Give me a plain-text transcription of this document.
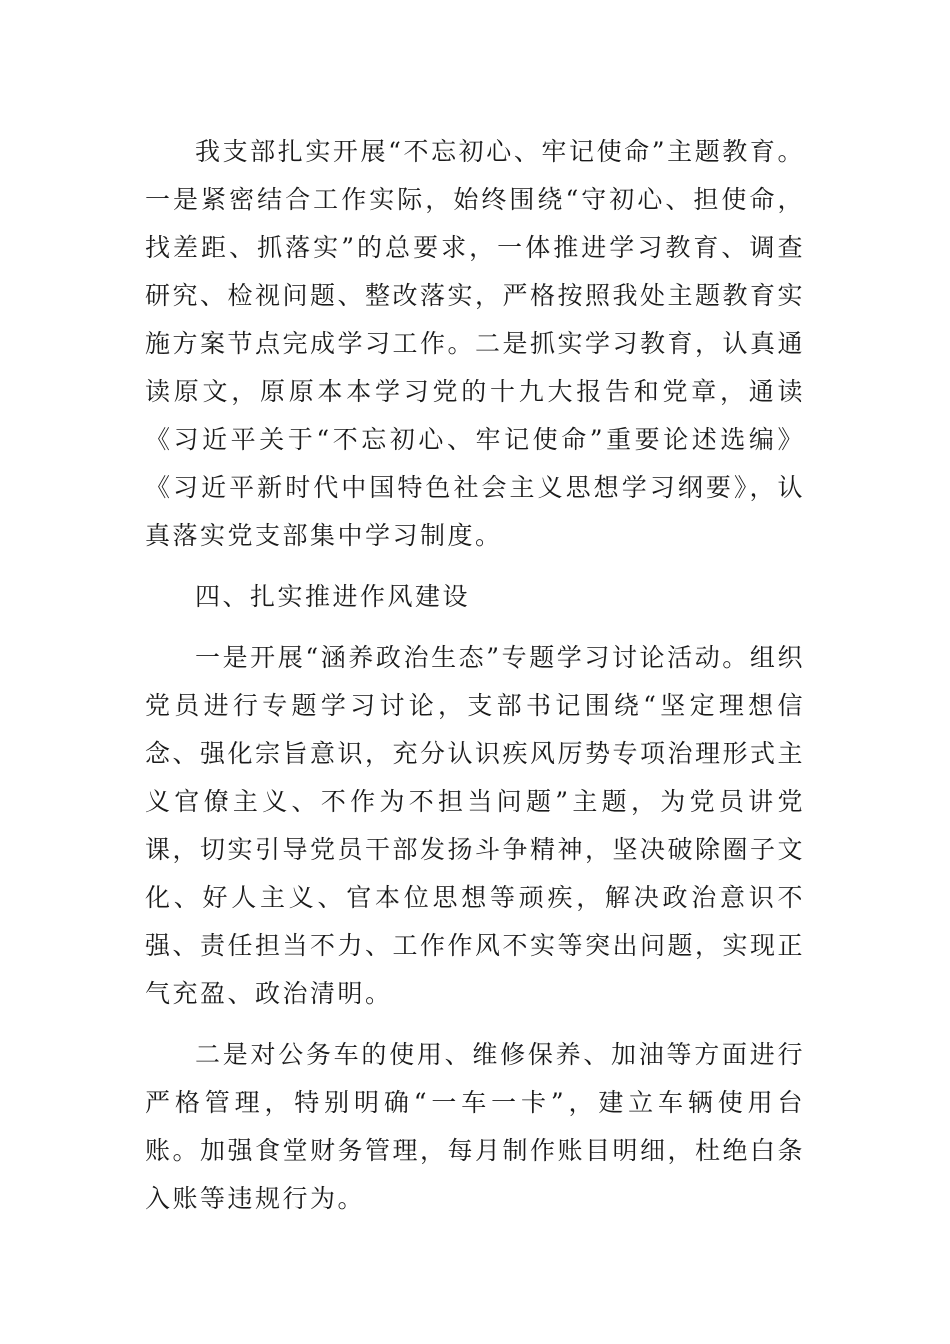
我支部扎实开展“不忘初心、牢记使命”主题教育。一是紧密结合工作实际，始终围绕“守初心、担使命，找差距、抓落实”的总要求，一体推进学习教育、调查研究、检视问题、整改落实，严格按照我处主题教育实施方案节点完成学习工作。二是抓实学习教育，认真通读原文，原原本本学习党的十九大报告和党章，通读《习近平关于“不忘初心、牢记使命”重要论述选编》《习近平新时代中国特色社会主义思想学习纲要》，认真落实党支部集中学习制度。

四、扎实推进作风建设

一是开展“涵养政治生态”专题学习讨论活动。组织党员进行专题学习讨论，支部书记围绕“坚定理想信念、强化宗旨意识，充分认识疾风厉势专项治理形式主义官僚主义、不作为不担当问题”主题，为党员讲党课，切实引导党员干部发扬斗争精神，坚决破除圈子文化、好人主义、官本位思想等顽疾，解决政治意识不强、责任担当不力、工作作风不实等突出问题，实现正气充盈、政治清明。

二是对公务车的使用、维修保养、加油等方面进行严格管理，特别明确“一车一卡”，建立车辆使用台账。加强食堂财务管理，每月制作账目明细，杜绝白条入账等违规行为。
